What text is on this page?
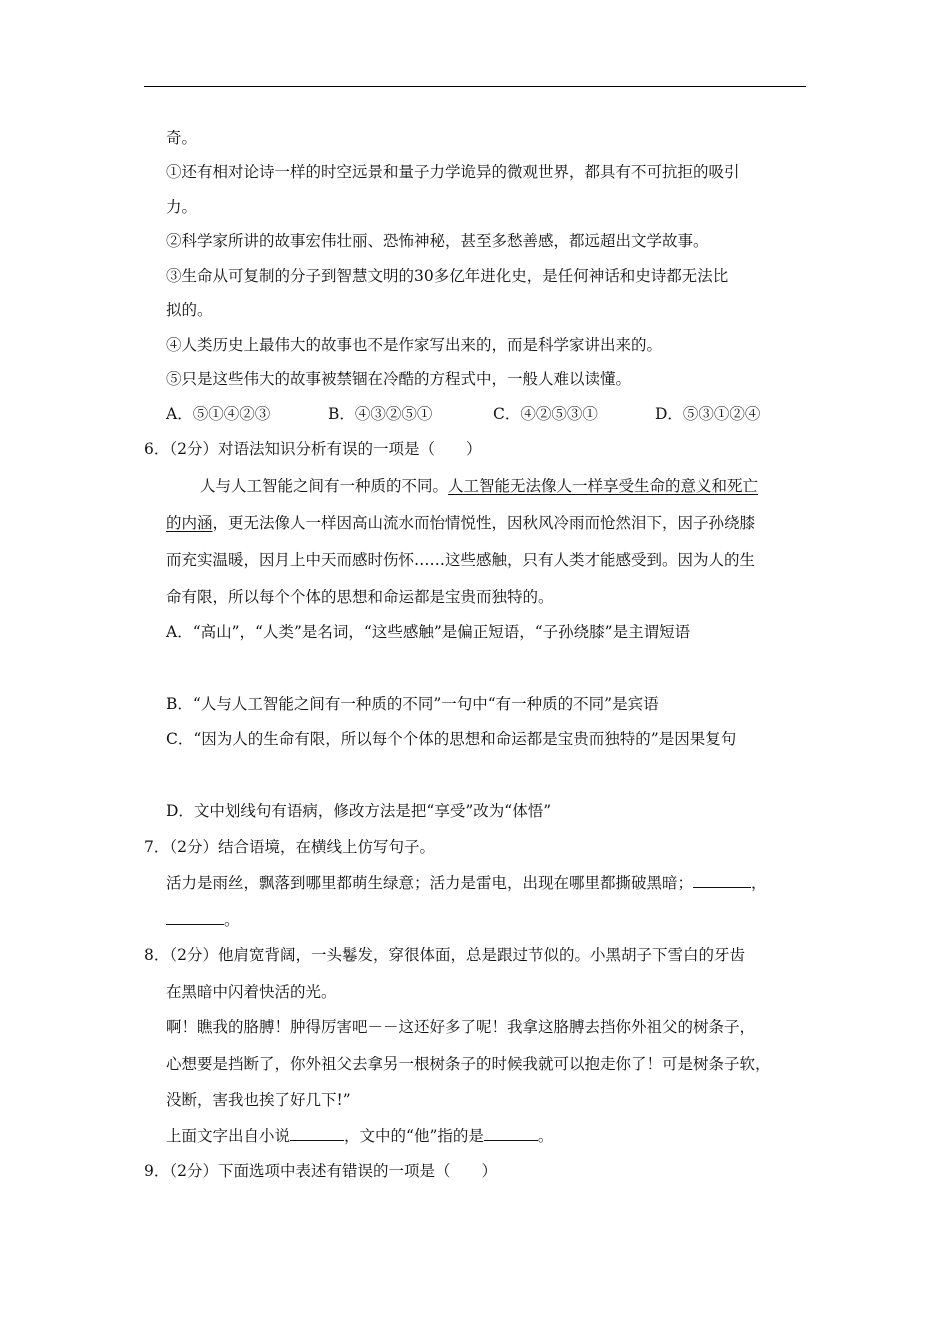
奇。
①还有相对论诗一样的时空远景和量子力学诡异的微观世界，都具有不可抗拒的吸引
力。
②科学家所讲的故事宏伟壮丽、恐怖神秘，甚至多愁善感，都远超出文学故事。
③生命从可复制的分子到智慧文明的30多亿年进化史，是任何神话和史诗都无法比
拟的。
④人类历史上最伟大的故事也不是作家写出来的，而是科学家讲出来的。
⑤只是这些伟大的故事被禁锢在冷酷的方程式中，一般人难以读懂。
A．⑤①④②③	B．④③②⑤①	C．④②⑤③①	D．⑤③①②④
6．（2分）对语法知识分析有误的一项是（　　）
人与人工智能之间有一种质的不同。人工智能无法像人一样享受生命的意义和死亡
的内涵，更无法像人一样因高山流水而怡情悦性，因秋风冷雨而怆然泪下，因子孙绕膝
而充实温暖，因月上中天而感时伤怀……这些感触，只有人类才能感受到。因为人的生
命有限，所以每个个体的思想和命运都是宝贵而独特的。
A．“高山”，“人类”是名词，“这些感触”是偏正短语，“子孙绕膝”是主谓短语
B．“人与人工智能之间有一种质的不同”一句中“有一种质的不同”是宾语
C．“因为人的生命有限，所以每个个体的思想和命运都是宝贵而独特的”是因果复句
D．文中划线句有语病，修改方法是把“享受”改为“体悟”
7．（2分）结合语境，在横线上仿写句子。
活力是雨丝，飘落到哪里都萌生绿意；活力是雷电，出现在哪里都撕破黑暗；	，
。
8．（2分）他肩宽背阔，一头鬈发，穿很体面，总是跟过节似的。小黑胡子下雪白的牙齿
在黑暗中闪着快活的光。
啊！瞧我的胳膊！肿得厉害吧－－这还好多了呢！我拿这胳膊去挡你外祖父的树条子，
心想要是挡断了，你外祖父去拿另一根树条子的时候我就可以抱走你了！可是树条子软，
没断，害我也挨了好几下!”
上面文字出自小说	，文中的“他”指的是	。
9．（2分）下面选项中表述有错误的一项是（　　）
